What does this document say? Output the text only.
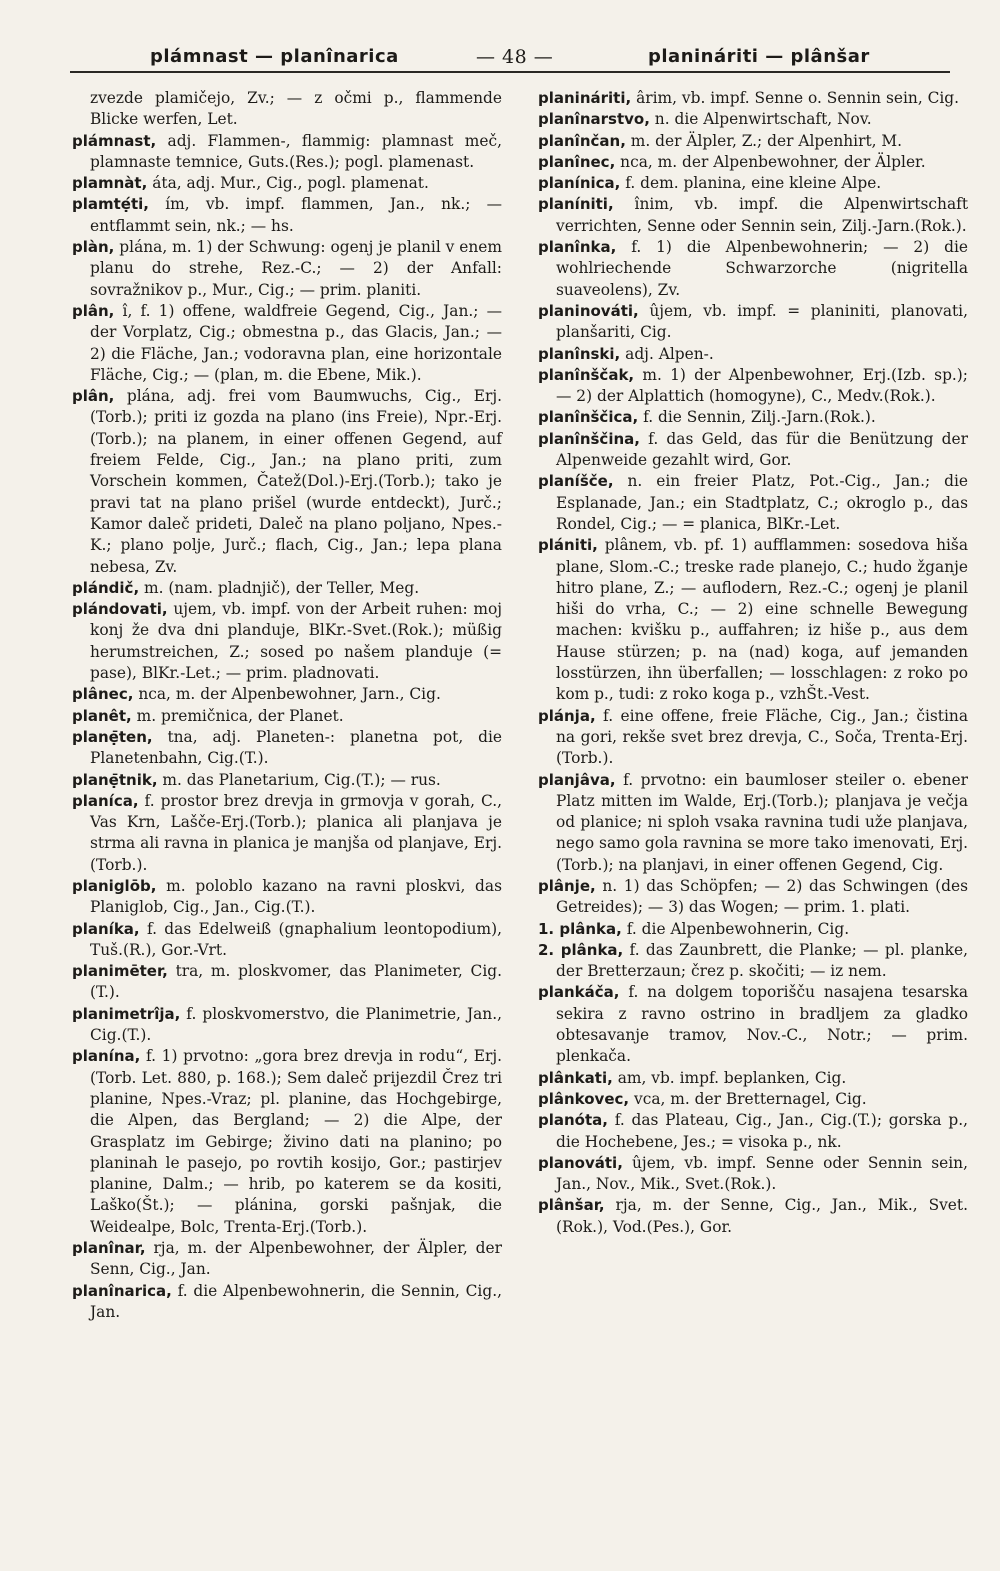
plámnast — planînarica	— 48 —	planináriti — plânšar
zvezde plamičejo, Zv.; — z očmi p., flammende Blicke werfen, Let.
plámnast, adj. Flammen-, flammig: plamnast meč, plamnaste temnice, Guts.(Res.); pogl. plamenast.
plamnàt, áta, adj. Mur., Cig., pogl. plamenat.
plamtẹ́ti, ím, vb. impf. flammen, Jan., nk.; — entflammt sein, nk.; — hs.
plàn, plána, m. 1) der Schwung: ogenj je planil v enem planu do strehe, Rez.-C.; — 2) der Anfall: sovražnikov p., Mur., Cig.; — prim. planiti.
plân, î, f. 1) offene, waldfreie Gegend, Cig., Jan.; — der Vorplatz, Cig.; obmestna p., das Glacis, Jan.; — 2) die Fläche, Jan.; vodoravna plan, eine horizontale Fläche, Cig.; — (plan, m. die Ebene, Mik.).
plân, plána, adj. frei vom Baumwuchs, Cig., Erj.(Torb.); priti iz gozda na plano (ins Freie), Npr.-Erj.(Torb.); na planem, in einer offenen Gegend, auf freiem Felde, Cig., Jan.; na plano priti, zum Vorschein kommen, Čatež(Dol.)-Erj.(Torb.); tako je pravi tat na plano prišel (wurde entdeckt), Jurč.; Kamor daleč prideti, Daleč na plano poljano, Npes.-K.; plano polje, Jurč.; flach, Cig., Jan.; lepa plana nebesa, Zv.
plándič, m. (nam. pladnjič), der Teller, Meg.
plándovati, ujem, vb. impf. von der Arbeit ruhen: moj konj že dva dni planduje, BlKr.-Svet.(Rok.); müßig herumstreichen, Z.; sosed po našem planduje (= pase), BlKr.-Let.; — prim. pladnovati.
plânec, nca, m. der Alpenbewohner, Jarn., Cig.
planêt, m. premičnica, der Planet.
planẹ̄ten, tna, adj. Planeten-: planetna pot, die Planetenbahn, Cig.(T.).
planẹ̄tnik, m. das Planetarium, Cig.(T.); — rus.
planíca, f. prostor brez drevja in grmovja v gorah, C., Vas Krn, Lašče-Erj.(Torb.); planica ali planjava je strma ali ravna in planica je manjša od planjave, Erj.(Torb.).
planiglōb, m. poloblo kazano na ravni ploskvi, das Planiglob, Cig., Jan., Cig.(T.).
planíka, f. das Edelweiß (gnaphalium leontopodium), Tuš.(R.), Gor.-Vrt.
planimēter, tra, m. ploskvomer, das Planimeter, Cig.(T.).
planimetrîja, f. ploskvomerstvo, die Planimetrie, Jan., Cig.(T.).
planína, f. 1) prvotno: „gora brez drevja in rodu“, Erj.(Torb. Let. 880, p. 168.); Sem daleč prijezdil Črez tri planine, Npes.-Vraz; pl. planine, das Hochgebirge, die Alpen, das Bergland; — 2) die Alpe, der Grasplatz im Gebirge; živino dati na planino; po planinah le pasejo, po rovtih kosijo, Gor.; pastirjev planine, Dalm.; — hrib, po katerem se da kositi, Laško(Št.); — plánina, gorski pašnjak, die Weidealpe, Bolc, Trenta-Erj.(Torb.).
planînar, rja, m. der Alpenbewohner, der Älpler, der Senn, Cig., Jan.
planînarica, f. die Alpenbewohnerin, die Sennin, Cig., Jan.
planináriti, ârim, vb. impf. Senne o. Sennin sein, Cig.
planînarstvo, n. die Alpenwirtschaft, Nov.
planînčan, m. der Älpler, Z.; der Alpenhirt, M.
planînec, nca, m. der Alpenbewohner, der Älpler.
planínica, f. dem. planina, eine kleine Alpe.
planíniti, înim, vb. impf. die Alpenwirtschaft verrichten, Senne oder Sennin sein, Zilj.-Jarn.(Rok.).
planînka, f. 1) die Alpenbewohnerin; — 2) die wohlriechende Schwarzorche (nigritella suaveolens), Zv.
planinováti, ûjem, vb. impf. = planiniti, planovati, planšariti, Cig.
planînski, adj. Alpen-.
planînščak, m. 1) der Alpenbewohner, Erj.(Izb. sp.); — 2) der Alplattich (homogyne), C., Medv.(Rok.).
planînščica, f. die Sennin, Zilj.-Jarn.(Rok.).
planînščina, f. das Geld, das für die Benützung der Alpenweide gezahlt wird, Gor.
planíšče, n. ein freier Platz, Pot.-Cig., Jan.; die Esplanade, Jan.; ein Stadtplatz, C.; okroglo p., das Rondel, Cig.; — = planica, BlKr.-Let.
plániti, plânem, vb. pf. 1) aufflammen: sosedova hiša plane, Slom.-C.; treske rade planejo, C.; hudo žganje hitro plane, Z.; — auflodern, Rez.-C.; ogenj je planil hiši do vrha, C.; — 2) eine schnelle Bewegung machen: kvišku p., auffahren; iz hiše p., aus dem Hause stürzen; p. na (nad) koga, auf jemanden losstürzen, ihn überfallen; — losschlagen: z roko po kom p., tudi: z roko koga p., vzhŠt.-Vest.
plánja, f. eine offene, freie Fläche, Cig., Jan.; čistina na gori, rekše svet brez drevja, C., Soča, Trenta-Erj.(Torb.).
planjâva, f. prvotno: ein baumloser steiler o. ebener Platz mitten im Walde, Erj.(Torb.); planjava je večja od planice; ni sploh vsaka ravnina tudi uže planjava, nego samo gola ravnina se more tako imenovati, Erj.(Torb.); na planjavi, in einer offenen Gegend, Cig.
plânje, n. 1) das Schöpfen; — 2) das Schwingen (des Getreides); — 3) das Wogen; — prim. 1. plati.
1. plânka, f. die Alpenbewohnerin, Cig.
2. plânka, f. das Zaunbrett, die Planke; — pl. planke, der Bretterzaun; črez p. skočiti; — iz nem.
plankáča, f. na dolgem toporišču nasajena tesarska sekira z ravno ostrino in bradljem za gladko obtesavanje tramov, Nov.-C., Notr.; — prim. plenkača.
plânkati, am, vb. impf. beplanken, Cig.
plânkovec, vca, m. der Bretternagel, Cig.
planóta, f. das Plateau, Cig., Jan., Cig.(T.); gorska p., die Hochebene, Jes.; = visoka p., nk.
planováti, ûjem, vb. impf. Senne oder Sennin sein, Jan., Nov., Mik., Svet.(Rok.).
plânšar, rja, m. der Senne, Cig., Jan., Mik., Svet.(Rok.), Vod.(Pes.), Gor.
